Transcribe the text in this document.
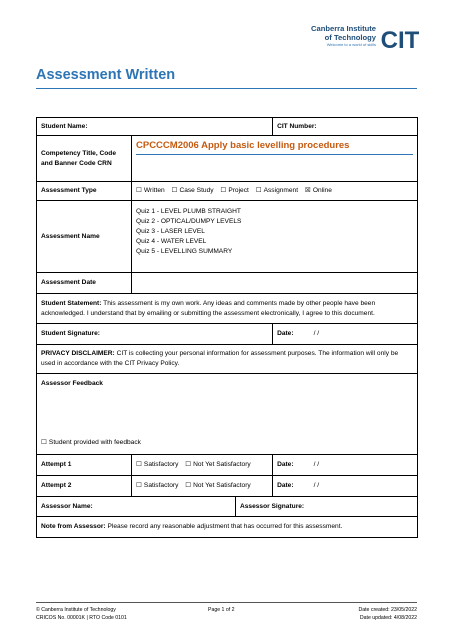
Canberra Institute
of Technology
Welcome to a world of skills CIT
Assessment Written
Student Name:			CIT Number:
Competency Title, Code and Banner Code CRN	CPCCCM2006 Apply basic levelling procedures		

Assessment Type	☐ Written ☐ Case Study ☐ Project ☐ Assignment ☒ Online		
Assessment Name	Quiz 1 - LEVEL PLUMB STRAIGHT
Quiz 2 - OPTICAL/DUMPY LEVELS
Quiz 3 - LASER LEVEL
Quiz 4 - WATER LEVEL
Quiz 5 - LEVELLING SUMMARY		

Assessment Date			
Student Statement: This assessment is my own work. Any ideas and comments made by other people have been acknowledged. I understand that by emailing or submitting the assessment electronically, I agree to this document.			
Student Signature:			Date: / /
PRIVACY DISCLAIMER: CIT is collecting your personal information for assessment purposes. The information will only be used in accordance with the CIT Privacy Policy.			

Assessor Feedback
☐ Student provided with feedback			

Attempt 1	☐ Satisfactory ☐ Not Yet Satisfactory		Date: / /
Attempt 2	☐ Satisfactory ☐ Not Yet Satisfactory		Date: / /
Assessor Name:		Assessor Signature:	
Note from Assessor: Please record any reasonable adjustment that has occurred for this assessment.			
© Canberra Institute of Technology
CRICOS No. 00001K | RTO Code 0101
Page 1 of 2	Date created: 23/05/2022
Date updated: 4/08/2022
